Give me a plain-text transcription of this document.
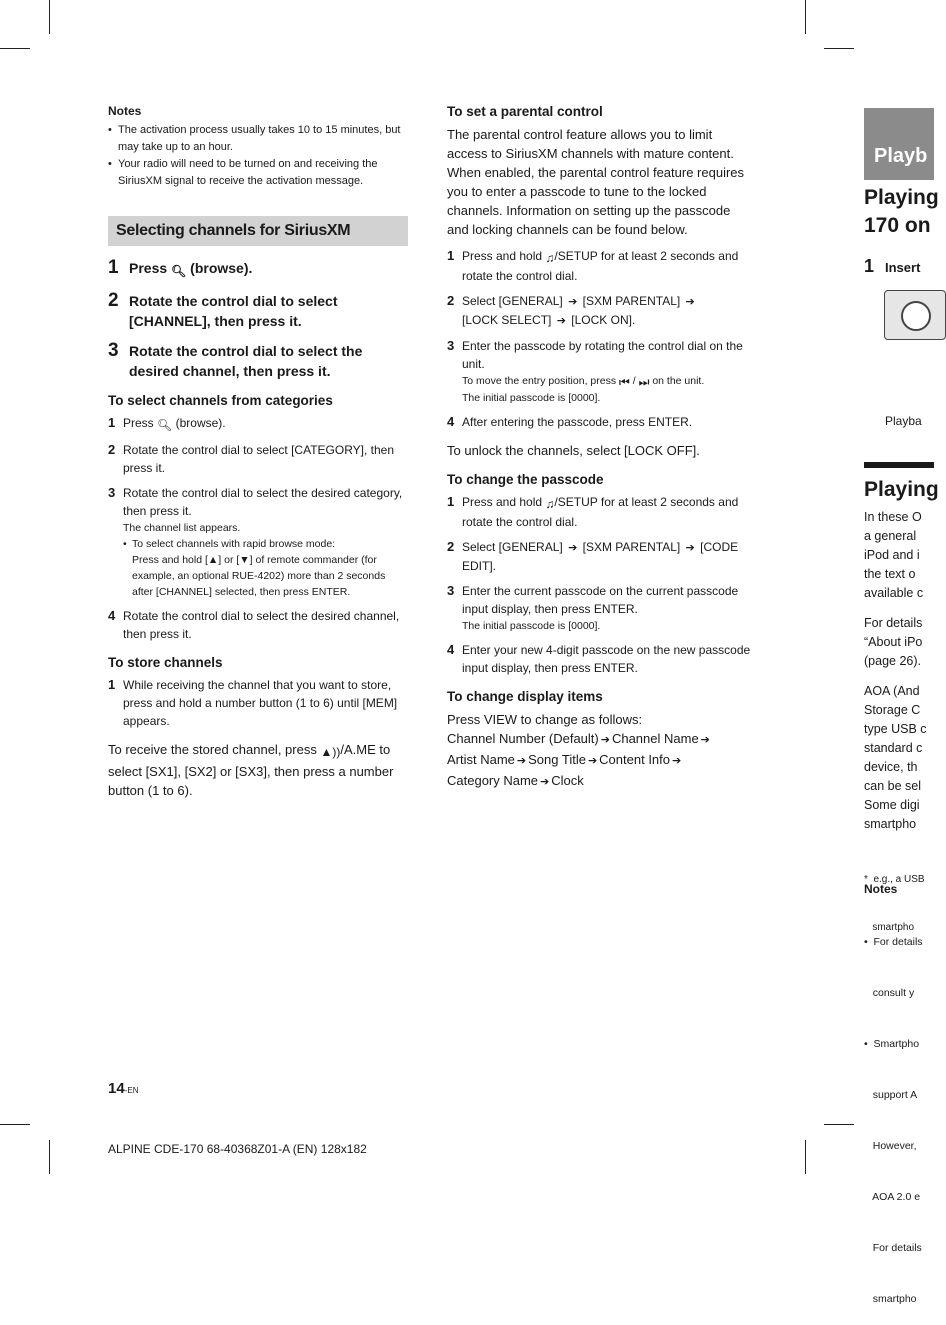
Notes
• The activation process usually takes 10 to 15 minutes, but may take up to an hour.
• Your radio will need to be turned on and receiving the SiriusXM signal to receive the activation message.
Selecting channels for SiriusXM
1 Press 🔍︎ (browse).
2 Rotate the control dial to select [CHANNEL], then press it.
3 Rotate the control dial to select the desired channel, then press it.
To select channels from categories
1 Press 🔍︎ (browse).
2 Rotate the control dial to select [CATEGORY], then press it.
3 Rotate the control dial to select the desired category, then press it.
The channel list appears.
• To select channels with rapid browse mode:
Press and hold [▲] or [▼] of remote commander (for example, an optional RUE-4202) more than 2 seconds after [CHANNEL] selected, then press ENTER.
4 Rotate the control dial to select the desired channel, then press it.
To store channels
1 While receiving the channel that you want to store, press and hold a number button (1 to 6) until [MEM] appears.

To receive the stored channel, press ▲))/A.ME to select [SX1], [SX2] or [SX3], then press a number button (1 to 6).

To set a parental control

The parental control feature allows you to limit access to SiriusXM channels with mature content. When enabled, the parental control feature requires you to enter a passcode to tune to the locked channels. Information on setting up the passcode and locking channels can be found below.

1 Press and hold ♫/SETUP for at least 2 seconds and rotate the control dial.
2 Select [GENERAL] ➔ [SXM PARENTAL] ➔
[LOCK SELECT] ➔ [LOCK ON].
3 Enter the passcode by rotating the control dial on the unit.
To move the entry position, press ⏮︎ / ⏭︎ on the unit.
The initial passcode is [0000].
4 After entering the passcode, press ENTER.

To unlock the channels, select [LOCK OFF].

To change the passcode
1 Press and hold ♫/SETUP for at least 2 seconds and rotate the control dial.
2 Select [GENERAL] ➔ [SXM PARENTAL] ➔ [CODE EDIT].
3 Enter the current passcode on the current passcode input display, then press ENTER.
The initial passcode is [0000].
4 Enter your new 4-digit passcode on the new passcode input display, then press ENTER.
To change display items

Press VIEW to change as follows:
Channel Number (Default) ➔ Channel Name ➔
Artist Name ➔ Song Title ➔ Content Info ➔
Category Name ➔ Clock

Playb
Playing
170 on
1 Insert
Playba
Playing
In these O
a general
iPod and i
the text o
available c
For details
“About iPo
(page 26).
AOA (And
Storage C
type USB c
standard c
device, th
can be sel
Some digi
smartpho

*  e.g., a USB

smartpho

Notes

•  For details

consult y

•  Smartpho

support A

However,

AOA 2.0 e

For details

smartpho

14-EN
ALPINE CDE-170 68-40368Z01-A (EN) 128x182
